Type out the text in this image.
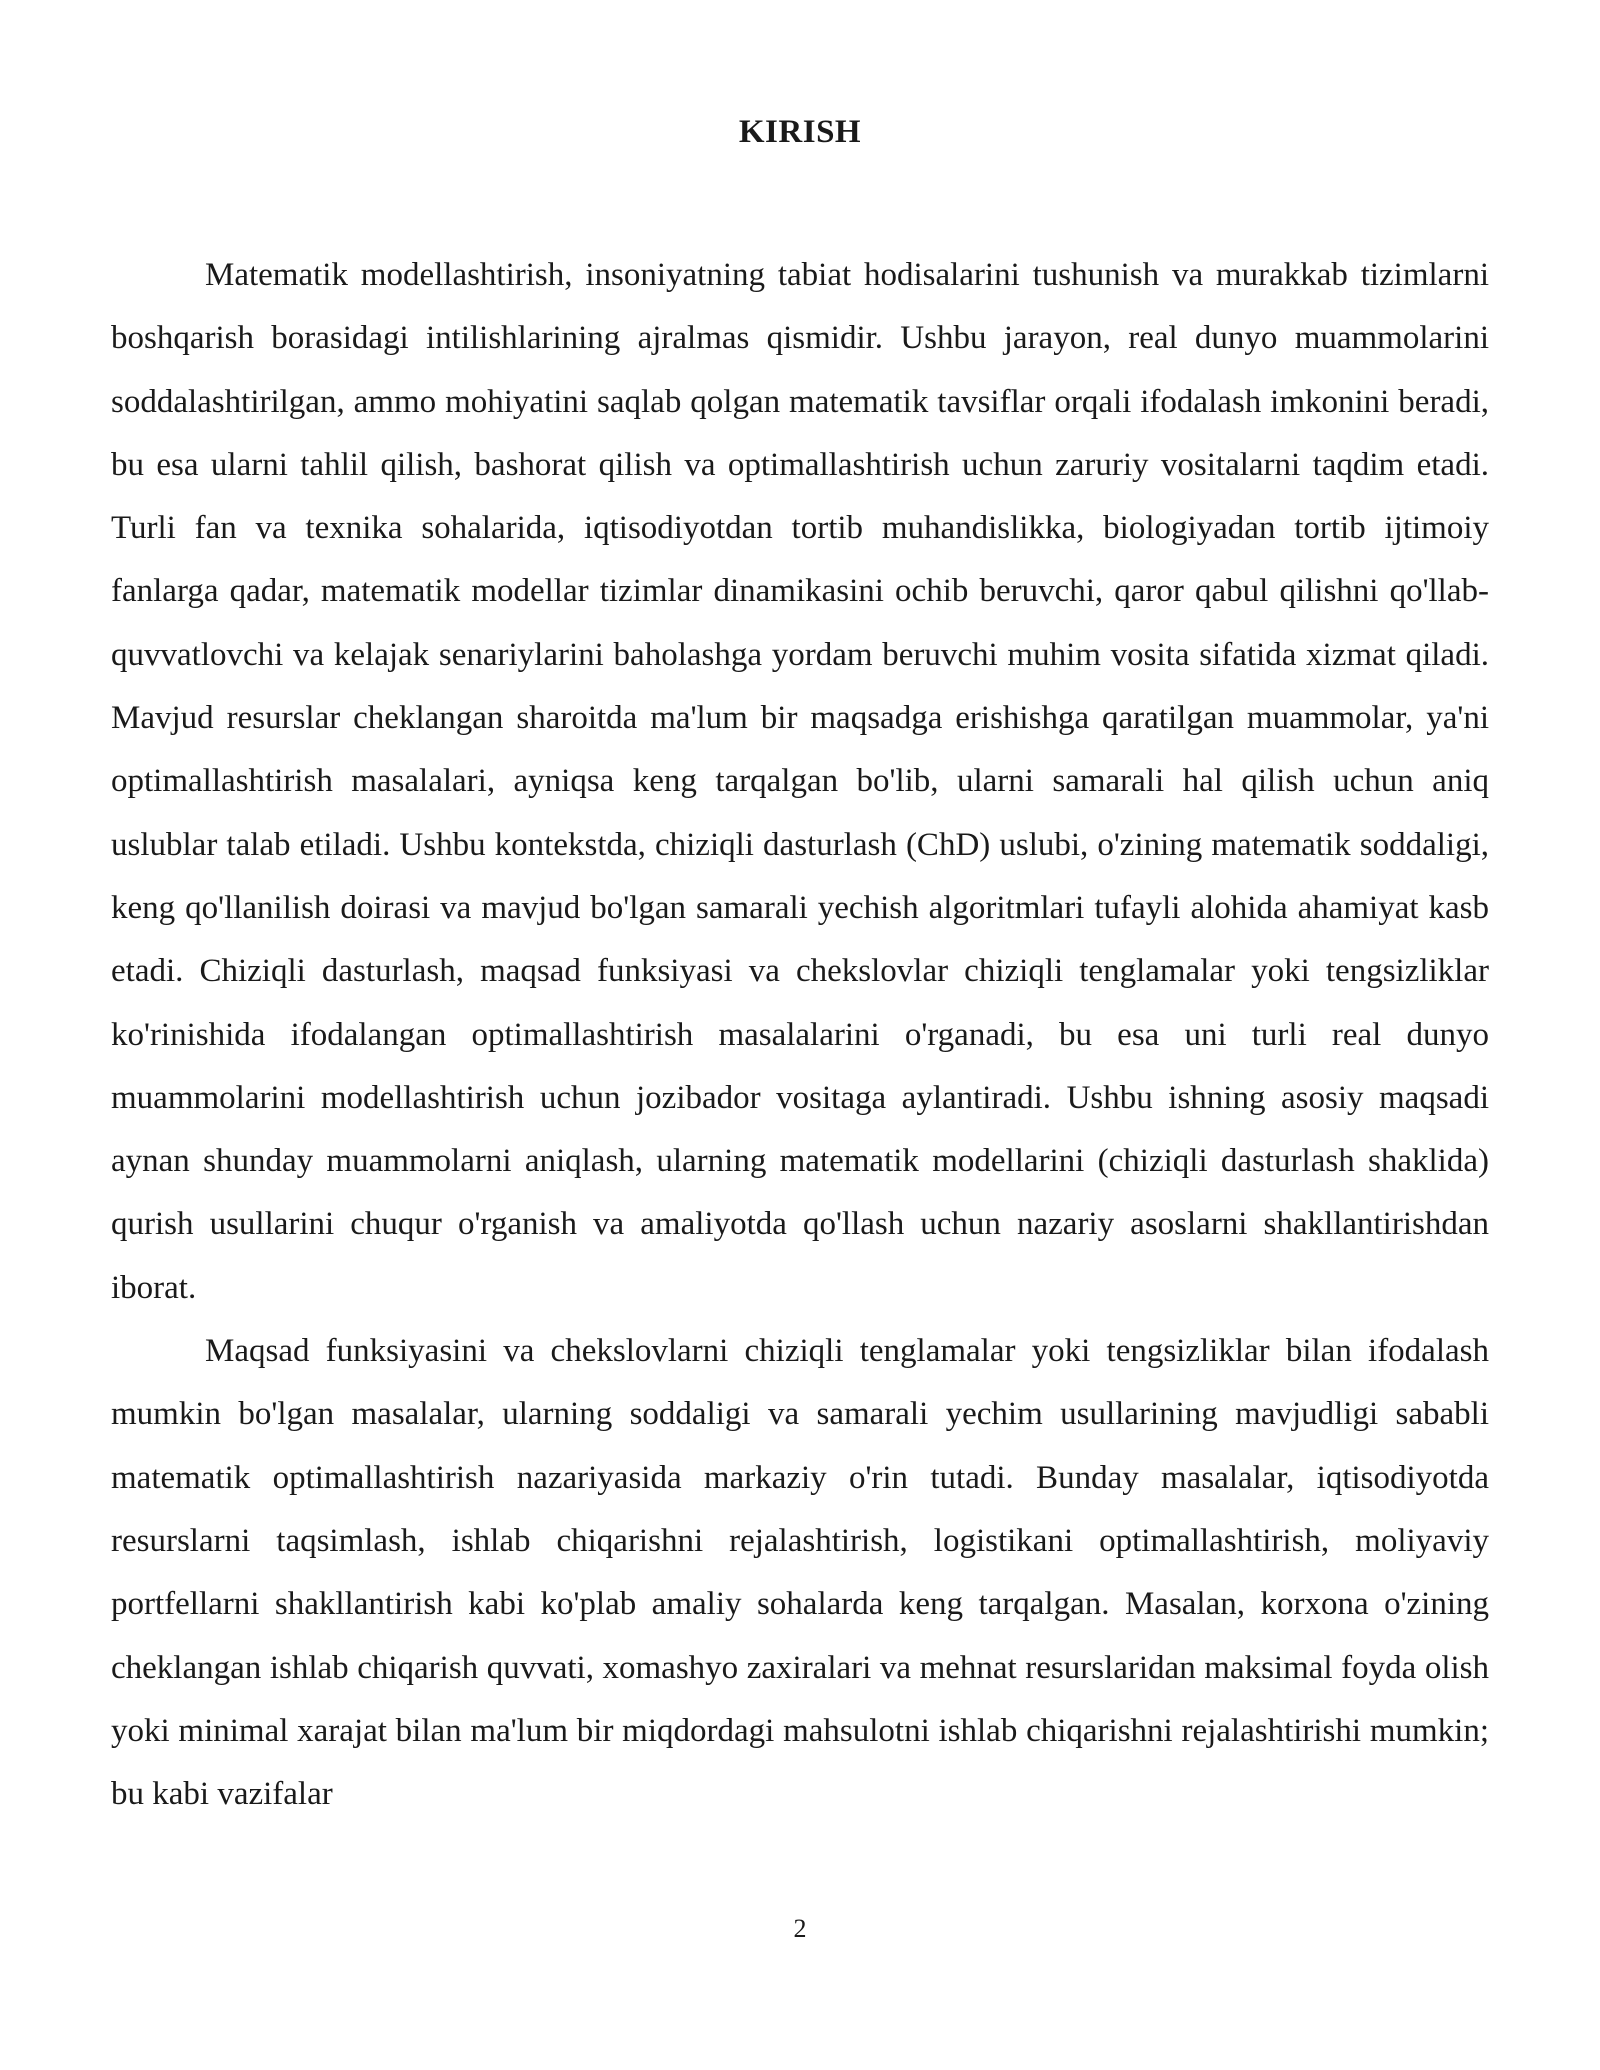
KIRISH

Matematik modellashtirish, insoniyatning tabiat hodisalarini tushunish va murakkab tizimlarni boshqarish borasidagi intilishlarining ajralmas qismidir. Ushbu jarayon, real dunyo muammolarini soddalashtirilgan, ammo mohiyatini saqlab qolgan matematik tavsiflar orqali ifodalash imkonini beradi, bu esa ularni tahlil qilish, bashorat qilish va optimallashtirish uchun zaruriy vositalarni taqdim etadi. Turli fan va texnika sohalarida, iqtisodiyotdan tortib muhandislikka, biologiyadan tortib ijtimoiy fanlarga qadar, matematik modellar tizimlar dinamikasini ochib beruvchi, qaror qabul qilishni qo'llab-quvvatlovchi va kelajak senariylarini baholashga yordam beruvchi muhim vosita sifatida xizmat qiladi. Mavjud resurslar cheklangan sharoitda ma'lum bir maqsadga erishishga qaratilgan muammolar, ya'ni optimallashtirish masalalari, ayniqsa keng tarqalgan bo'lib, ularni samarali hal qilish uchun aniq uslublar talab etiladi. Ushbu kontekstda, chiziqli dasturlash (ChD) uslubi, o'zining matematik soddaligi, keng qo'llanilish doirasi va mavjud bo'lgan samarali yechish algoritmlari tufayli alohida ahamiyat kasb etadi. Chiziqli dasturlash, maqsad funksiyasi va chekslovlar chiziqli tenglamalar yoki tengsizliklar ko'rinishida ifodalangan optimallashtirish masalalarini o'rganadi, bu esa uni turli real dunyo muammolarini modellashtirish uchun jozibador vositaga aylantiradi. Ushbu ishning asosiy maqsadi aynan shunday muammolarni aniqlash, ularning matematik modellarini (chiziqli dasturlash shaklida) qurish usullarini chuqur o'rganish va amaliyotda qo'llash uchun nazariy asoslarni shakllantirishdan iborat.

Maqsad funksiyasini va chekslovlarni chiziqli tenglamalar yoki tengsizliklar bilan ifodalash mumkin bo'lgan masalalar, ularning soddaligi va samarali yechim usullarining mavjudligi sababli matematik optimallashtirish nazariyasida markaziy o'rin tutadi. Bunday masalalar, iqtisodiyotda resurslarni taqsimlash, ishlab chiqarishni rejalashtirish, logistikani optimallashtirish, moliyaviy portfellarni shakllantirish kabi ko'plab amaliy sohalarda keng tarqalgan. Masalan, korxona o'zining cheklangan ishlab chiqarish quvvati, xomashyo zaxiralari va mehnat resurslaridan maksimal foyda olish yoki minimal xarajat bilan ma'lum bir miqdordagi mahsulotni ishlab chiqarishni rejalashtirishi mumkin; bu kabi vazifalar

2
